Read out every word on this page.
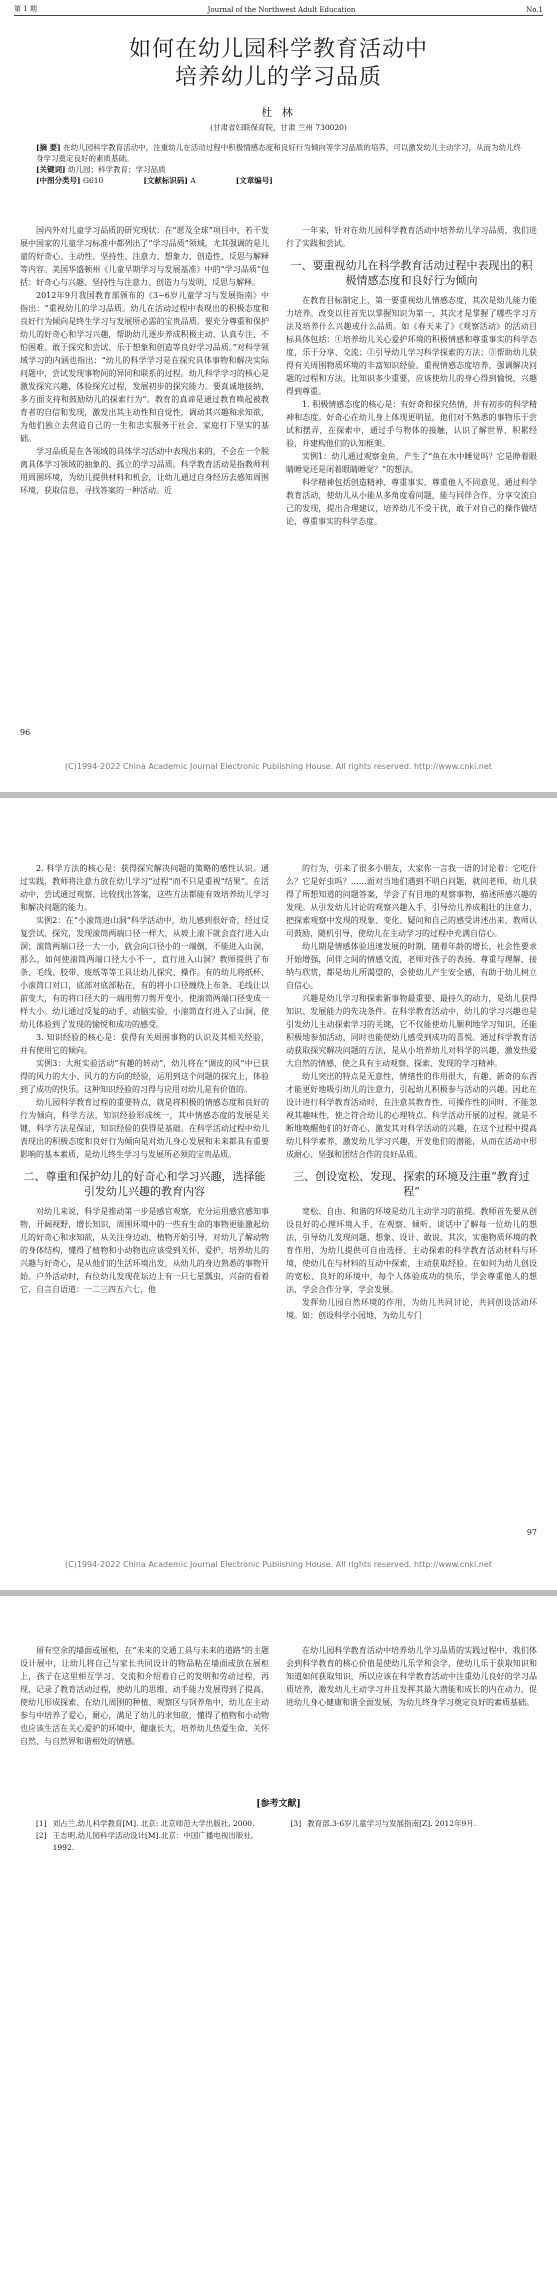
第 1 期	Journal of the Northwest Adult Education	No.1
如何在幼儿园科学教育活动中
培养幼儿的学习品质
杜 林
(甘肃省妇联保育院，甘肃 兰州 730020)
[摘 要] 在幼儿园科学教育活动中，注重幼儿在活动过程中积极情感态度和良好行为倾向等学习品质的培养，可以激发幼儿主动学习，从而为幼儿终身学习奠定良好的素质基础。
[关键词] 幼儿园；科学教育；学习品质
[中图分类号] G610	[文献标识码] A	[文章编号]

国内外对儿童学习品质的研究现状：在“愿及全球”项目中，若干发展中国家的儿童学习标准中都列出了“学习品质”领域，尤其强调的是儿童的好奇心、主动性、坚持性、注意力、想象力、创造性、反思与解释等内容。美国华盛顿州《儿童早期学习与发展基准》中的“学习品质”包括：好奇心与兴趣、坚持性与注意力、创造力与发明、反思与解释。

2012年9月我国教育部颁布的《3~6岁儿童学习与发展指南》中指出：“重视幼儿的学习品质。幼儿在活动过程中表现出的积极态度和良好行为倾向是终生学习与发展所必需的宝贵品质。要充分尊重和保护幼儿的好奇心和学习兴趣，帮助幼儿逐步养成积极主动、认真专注、不怕困难、敢于探究和尝试、乐于想象和创造等良好学习品质。”对科学领域学习的内涵也指出：“幼儿的科学学习是在探究具体事物和解决实际问题中，尝试发现事物间的异同和联系的过程。幼儿科学学习的核心是激发探究兴趣，体验探究过程，发展初步的探究能力。要真诚地接纳、多方面支持和鼓励幼儿的探索行为”。教育的真谛是通过教育唤起被教育者的自信和发现，激发出其主动性和自觉性，调动其兴趣和求知欲，为他们独立去营造自己的一生和忠实服务于社会、家庭打下坚实的基础。

学习品质是在各领域的具体学习活动中表现出来的，不会在一个脱离具体学习领域的抽象的、孤立的学习品质。科学教育活动是指教师利用周围环境，为幼儿提供材料和机会，让幼儿通过自身经历去感知周围环境，获取信息，寻找答案的一种活动。近

一年来，针对在幼儿园科学教育活动中培养幼儿学习品质，我们进行了实践和尝试。

一、要重视幼儿在科学教育活动过程中表现出的积极情感态度和良好行为倾向

在教育目标制定上，第一要重视幼儿情感态度，其次是幼儿能力能力培养。改变以往首先以掌握知识为第一、其次才是掌握了哪些学习方法及培养什么兴趣或什么品质。如《春天来了》《观察活动》的活动目标具体包括：①培养幼儿关心爱护环境的积极情感和尊重事实的科学态度，乐于分享、交流；②引导幼儿学习科学探索的方法；③帮助幼儿获得有关周围物质环境的丰富知识经验。重视情感态度培养，强调解决问题的过程和方法，比知识多少重要，应该使幼儿的身心得到愉悦，兴趣得到尊重。

1. 积极情感态度的核心是：有好奇和探究热情，并有初步的科学精神和态度。好奇心在幼儿身上体现更明显，他们对不熟悉的事物乐于尝试和摆弄，在探索中，通过手与物体的接触，认识了解世界，积累经验，并建构他们的认知框架。

实例1：幼儿通过观察金鱼，产生了“鱼在水中睡觉吗？它是睁着眼睛睡觉还是闭着眼睛睡觉？”的想法。

科学精神包括创造精神、尊重事实、尊重他人不同意见。通过科学教育活动，使幼儿从小能从多角度看问题，能与同伴合作，分享交流自己的发现，提出合理建议，培养幼儿不受干扰，敢于对自己的操作做结论，尊重事实的科学态度。

96
(C)1994-2022 China Academic Journal Electronic Publishing House. All rights reserved. http://www.cnki.net

2. 科学方法的核心是：获得探究解决问题的策略的感性认识。通过实践，教师将注意力放在幼儿学习“过程”而不只是重视“结果”。在活动中，尝试通过观察、比较找出答案，这些方法都能有效培养幼儿学习和解决问题的能力。

实例2：在“小滚筒进山洞”科学活动中，幼儿感到很好奇，经过反复尝试、探究，发现滚筒两端口径一样大，从坡上滚下就会直行进入山洞；滚筒两端口径一大一小，就会向口径小的一端倒，不能进入山洞，那么，如何使滚筒两端口径大小不一，直行进入山洞？教师提供了布条、毛线、胶带、废纸等等工具让幼儿探究、操作。有的幼儿将纸杯、小滚筒口对口，底部对底部粘在，有的将小口径缠绕上布条、毛线让以前变大，有的将口径大的一端用剪刀剪开变小，使滚筒两端口径变成一样大小。幼儿通过反复的动手、动脑实验，小滚筒直行进入了山洞，使幼儿体验到了发现的愉悦和成功的感受。

3. 知识经验的核心是：获得有关周围事物的认识及其相关经验，并有使用它的倾向。

实例3：大班实验活动“有趣的转动”，幼儿将在“调皮的风”中已获得的风力的大小、风力的方向的经验，运用到这个问题的探究上，体验到了成功的快乐。这种知识经验的习得与应用对幼儿是有价值的。

幼儿园科学教育过程的重要特点，就是将积极的情感态度和良好的行为倾向，科学方法，知识经验形成统一，其中情感态度的发展是关键，科学方法是保证，知识经验的获得是基础。在科学活动过程中幼儿表现出的积极态度和良好行为倾向是对幼儿身心发展和未来都具有重要影响的基本素质，是幼儿终生学习与发展所必须的宝贵品质。

二、尊重和保护幼儿的好奇心和学习兴趣，选择能引发幼儿兴趣的教育内容

对幼儿来说，科学是推动第一步是感官观察，充分运用感官感知事物，开阔视野，增长知识，周围环境中的一些有生命的事物更能激起幼儿的好奇心和求知欲，从关注身边动、植物开始引导，对幼儿了解动物的身体结构，懂得了植物和小动物也应该受到关怀、爱护，培养幼儿的兴趣与好奇心，是从他们的生活环境出发，从幼儿的身边熟悉的事物开始。户外活动时，有位幼儿发现花坛边上有一只七星瓢虫，兴奋的看着它，自言自语道：一二三四五六七，他

的行为，引来了很多小朋友，大家你一言我一语的讨论着：它吃什么？它是好虫吗？……面对当地们遇到不明白问题，就问老师，幼儿获得了所想知道的问题答案，学会了有目地的观察事物，描述所感兴趣的发现。从引发幼儿讨论的观察兴趣入手，引导幼儿养成粗壮的注意力，把探索观察中发现的现象、变化、疑问和自己的感受讲述出来，教师认可鼓励，随机引导，使幼儿在主动学习的过程中充满自信心。

幼儿期是情感体验迅速发展的时期，随着年龄的增长，社会性要求开始增强，同伴之间的情感交流，老师对孩子的表扬、尊重与理解、接纳与欣赏，都是幼儿所渴望的，会使幼儿产生安全感，有助于幼儿树立自信心。

兴趣是幼儿学习和探索新事物最重要、最持久的动力，是幼儿获得知识、发展能力的先决条件。在科学教育活动中，幼儿的学习兴趣也是引发幼儿主动探索学习的关键，它不仅能使幼儿顺利地学习知识，还能积极地参加活动，同时也能使幼儿感受到成功的喜悦。通过科学教育活动获取探究解决问题的方法，是从小培养幼儿对科学的兴趣，激发热爱大自然的情感，使之具有主动观察、探索、发现的学习精神。

幼儿突出的特点是无意性，情绪性的作用很大，有趣、新奇的东西才能更好地吸引幼儿的注意力，引起幼儿积极参与活动的兴趣。因此在设计进行科学教育活动时，在注意其教育性、可操作性的同时，不能忽视其趣味性，使之符合幼儿的心理特点。科学活动开展的过程，就是不断地唤醒他们的好奇心，激发其对科学活动的兴趣，在这个过程中提高幼儿科学素养，激发幼儿学习兴趣，开发他们的潜能，从而在活动中形成耐心、坚强和团结合作的良好品质。

三、创设宽松、发现、探索的环境及注重“教育过程”

宽松、自由、和谐的环境是幼儿主动学习的前提。教师首先要从创设良好的心理环境入手，在观察、倾听、谈话中了解每一位幼儿的想法，引导幼儿发现问题，想象、设计、敢说，其次，实施物质环境的教育作用，为幼儿提供可自由选择、主动探索的科学教育活动材料与环境，使幼儿在与材料的互动中探索，主动获取经验。在如何为幼儿创设的宽松、良好的环境中，每个人体验成功的快乐，学会尊重他人的想法，学会合作分享，学会发展。

发挥幼儿园自然环境的作用，为幼儿共同讨论，共同创设活动环境。如：创设科学小园地，为幼儿专门

97
(C)1994-2022 China Academic Journal Electronic Publishing House. All rights reserved. http://www.cnki.net

留有空余的墙面或展柜，在“未来的交通工具与未来的道路”的主题设计展中，让幼儿将自己与家长共同设计的物品粘在墙面或放在展柜上，孩子在这里相互学习、交流和介绍着自己的发明和劳动过程，再现、记录了教育活动过程，使幼儿的思维、动手能力发展得到了提高，使幼儿形成探索、在幼儿周围的种植、观察区与饲养角中，幼儿在主动参与中培养了爱心，耐心，满足了幼儿的求知欲，懂得了植物和小动物也应该生活在关心爱护的环境中，健康长大，培养幼儿热爱生命、关怀自然、与自然界和谐相处的情感。

在幼儿园科学教育活动中培养幼儿学习品质的实践过程中，我们体会到科学教育的核心价值是使幼儿乐学和会学，使幼儿乐于获取知识和知道如何获取知识，所以应该在科学教育活动中注重幼儿良好的学习品质培养，激发幼儿主动学习并且发挥其最大潜能和成长的内在动力，促进幼儿身心健康和谐全面发展，为幼儿终身学习奠定良好的素质基础。

[参考文献]
[1] 刘占兰.幼儿科学教育[M]. 北京: 北京师范大学出版社, 2000.	[3] 教育部.3-6岁儿童学习与发展指南[Z]. 2012年9月.
[2] 王志明.幼儿园科学活动设计[M].北京：中国广播电视出版社, 1992.
